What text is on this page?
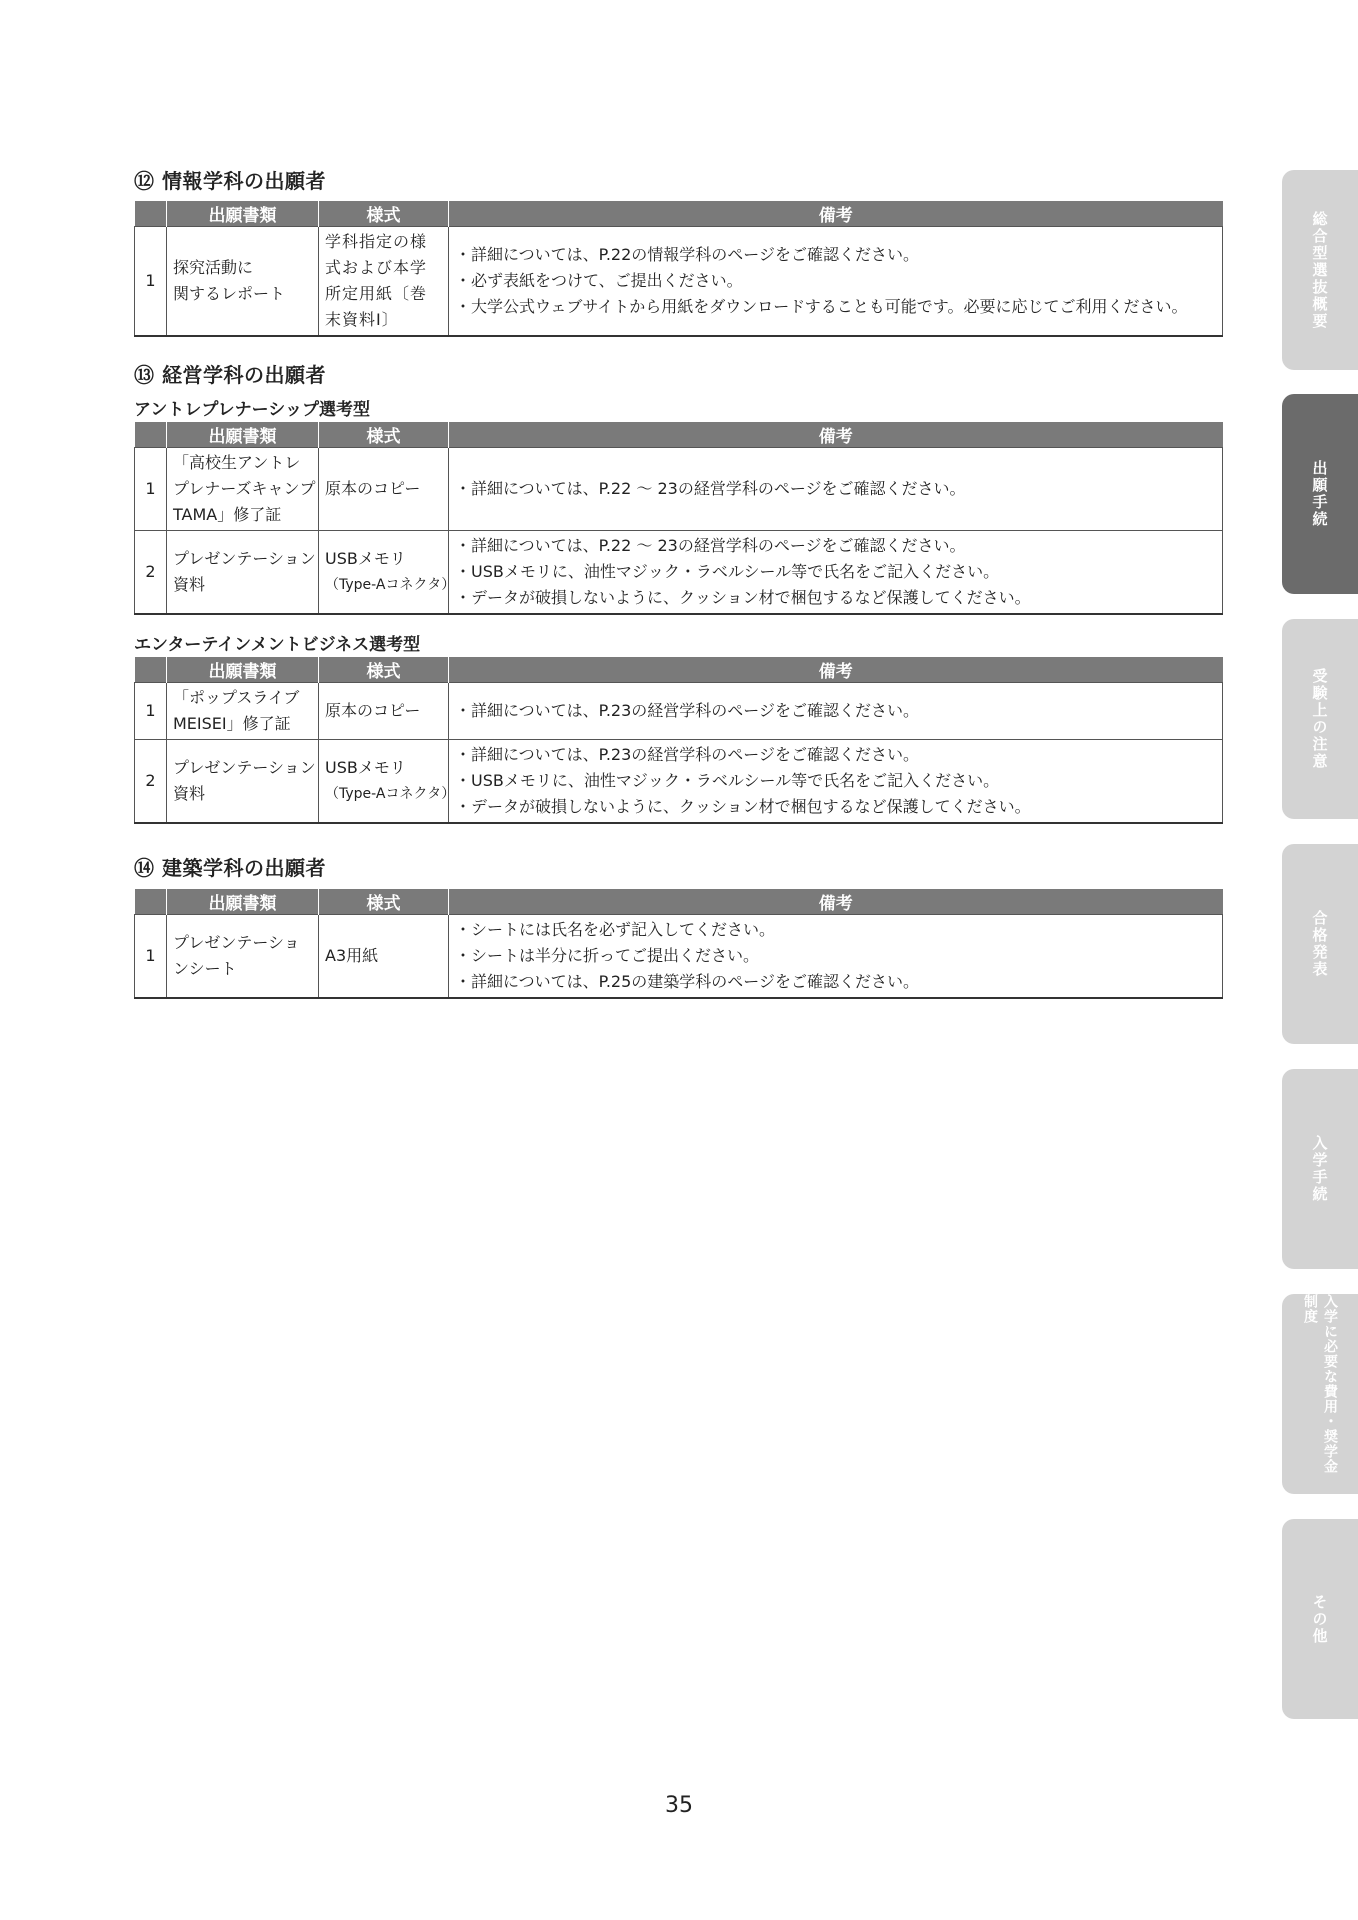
⑫ 情報学科の出願者
	出願書類	様式	備考
1	探究活動に
関するレポート	学科指定の様
式および本学
所定用紙〔巻
末資料Ⅰ〕	・詳細については、P.22の情報学科のページをご確認ください。
・必ず表紙をつけて、ご提出ください。
・大学公式ウェブサイトから用紙をダウンロードすることも可能です。必要に応じてご利用ください。
⑬ 経営学科の出願者
アントレプレナーシップ選考型
	出願書類	様式	備考
1	「高校生アントレ
プレナーズキャンプ
TAMA」修了証	原本のコピー	・詳細については、P.22 ～ 23の経営学科のページをご確認ください。

2	プレゼンテーション
資料	USBメモリ
（Type-Aコネクタ）	・詳細については、P.22 ～ 23の経営学科のページをご確認ください。
・USBメモリに、油性マジック・ラベルシール等で氏名をご記入ください。
・データが破損しないように、クッション材で梱包するなど保護してください。
エンターテインメントビジネス選考型
	出願書類	様式	備考
1	「ポップスライブ
MEISEI」修了証	原本のコピー	・詳細については、P.23の経営学科のページをご確認ください。

2	プレゼンテーション
資料	USBメモリ
（Type-Aコネクタ）	・詳細については、P.23の経営学科のページをご確認ください。
・USBメモリに、油性マジック・ラベルシール等で氏名をご記入ください。
・データが破損しないように、クッション材で梱包するなど保護してください。
⑭ 建築学科の出願者
	出願書類	様式	備考
1	プレゼンテーショ
ンシート	A3用紙	・シートには氏名を必ず記入してください。
・シートは半分に折ってご提出ください。
・詳細については、P.25の建築学科のページをご確認ください。
総合型選抜概要
出願手続
受験上の注意
合格発表
入学手続
入学に必要な費用・奨学金制度
その他
35
